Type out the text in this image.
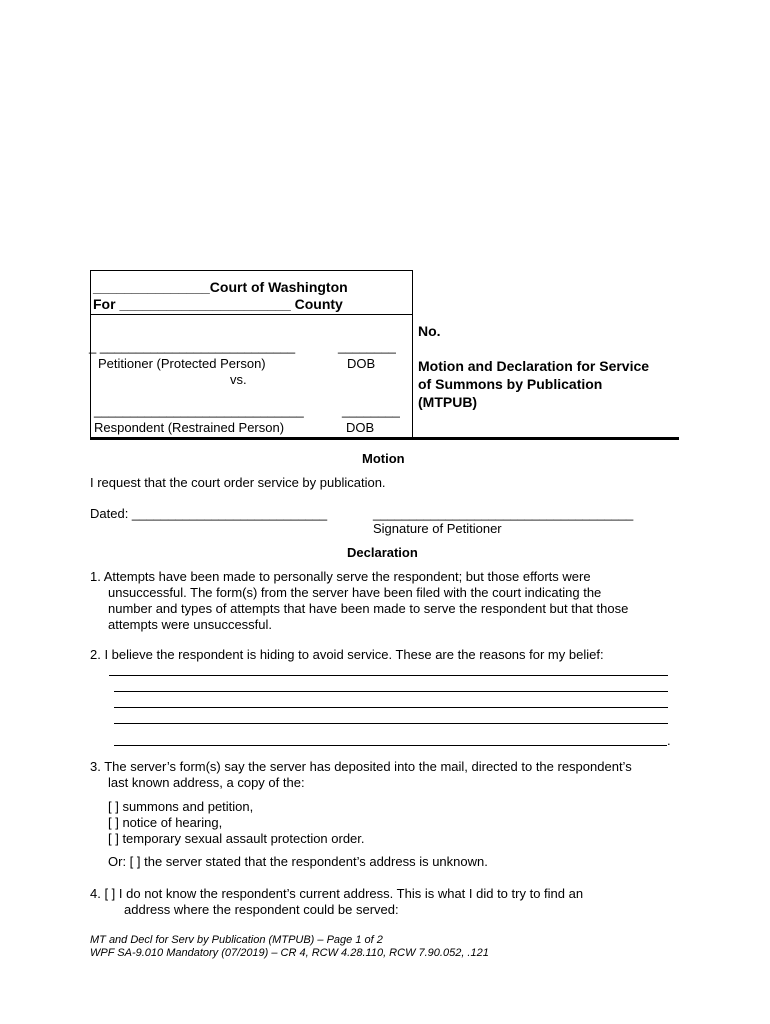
_______________Court of Washington
For ______________________ County
_ ___________________________
Petitioner (Protected Person)
vs.
________
DOB
_____________________________
Respondent (Restrained Person)
________
DOB
No.
Motion and Declaration for Service
of Summons by Publication
(MTPUB)
Motion
I request that the court order service by publication.
Dated: ___________________________	____________________________________
Signature of Petitioner
Declaration
1. Attempts have been made to personally serve the respondent; but those efforts were
unsuccessful. The form(s) from the server have been filed with the court indicating the
number and types of attempts that have been made to serve the respondent but that those
attempts were unsuccessful.
2. I believe the respondent is hiding to avoid service. These are the reasons for my belief:
.
3. The server’s form(s) say the server has deposited into the mail, directed to the respondent’s
last known address, a copy of the:
[ ] summons and petition,
[ ] notice of hearing,
[ ] temporary sexual assault protection order.
Or: [ ] the server stated that the respondent’s address is unknown.
4. [ ] I do not know the respondent’s current address. This is what I did to try to find an
address where the respondent could be served:
MT and Decl for Serv by Publication (MTPUB) – Page 1 of 2
WPF SA-9.010 Mandatory (07/2019) – CR 4, RCW 4.28.110, RCW 7.90.052, .121
